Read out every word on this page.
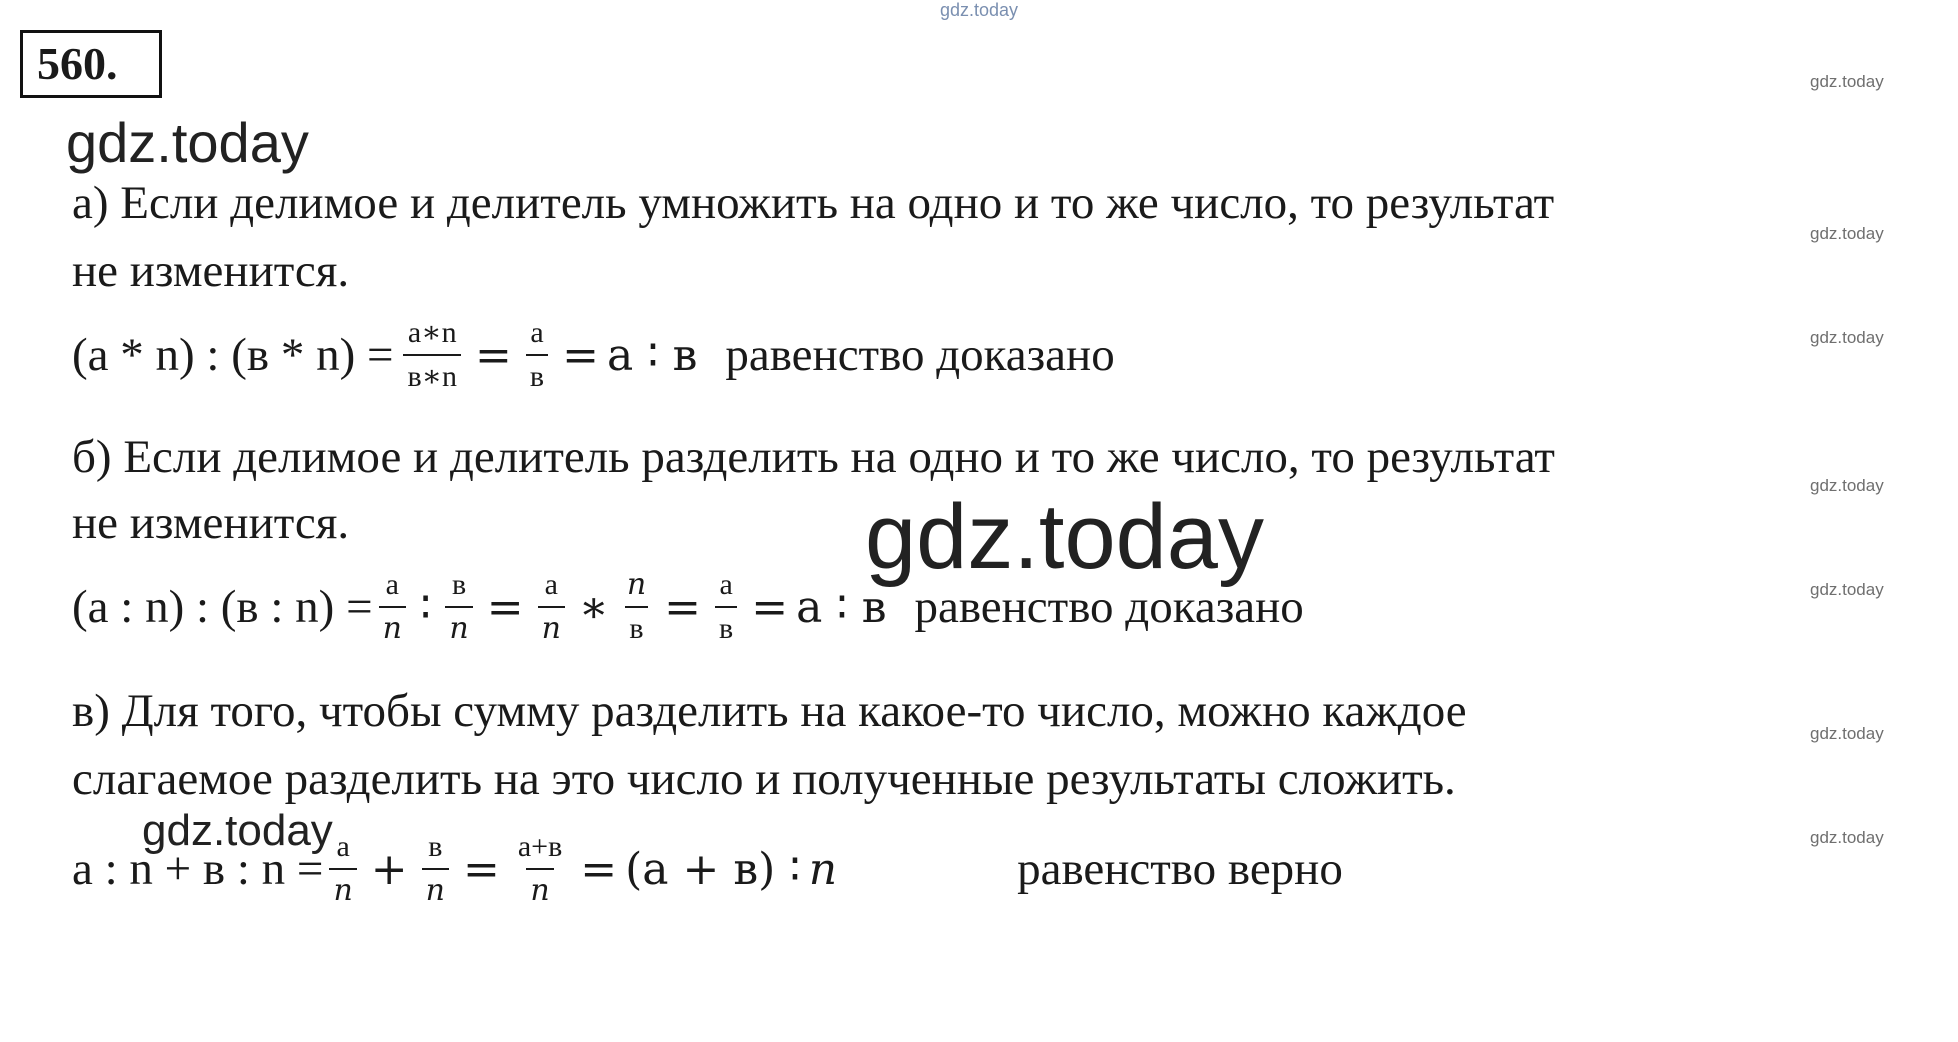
gdz.today
gdz.today
gdz.today
gdz.today
gdz.today
gdz.today
gdz.today
gdz.today
gdz.today
gdz.today
gdz.today
560.
а) Если делимое и делитель умножить на одно и то же число, то результат
не изменится.
(а * n) : $(в * n) = \frac{а∗n}{в∗n} = \frac{а}{в} = а$ ∶ в равенство доказано
б) Если делимое и делитель разделить на одно и то же число, то результат
не изменится.
(а : n) : (в : $n) = \frac{а}{n}$ ∶ $\frac{в}{n} = \frac{а}{n}$ ∗ $\frac{n}{в} = \frac{а}{в} = а$ ∶ в равенство доказано
в) Для того, чтобы сумму разделить на какое-то число, можно каждое
слагаемое разделить на это число и полученные результаты сложить.
а : n + в : $n = \frac{а}{n} + \frac{в}{n} = \frac{а+в}{n} = (а + в)$ ∶ n	равенство верно
